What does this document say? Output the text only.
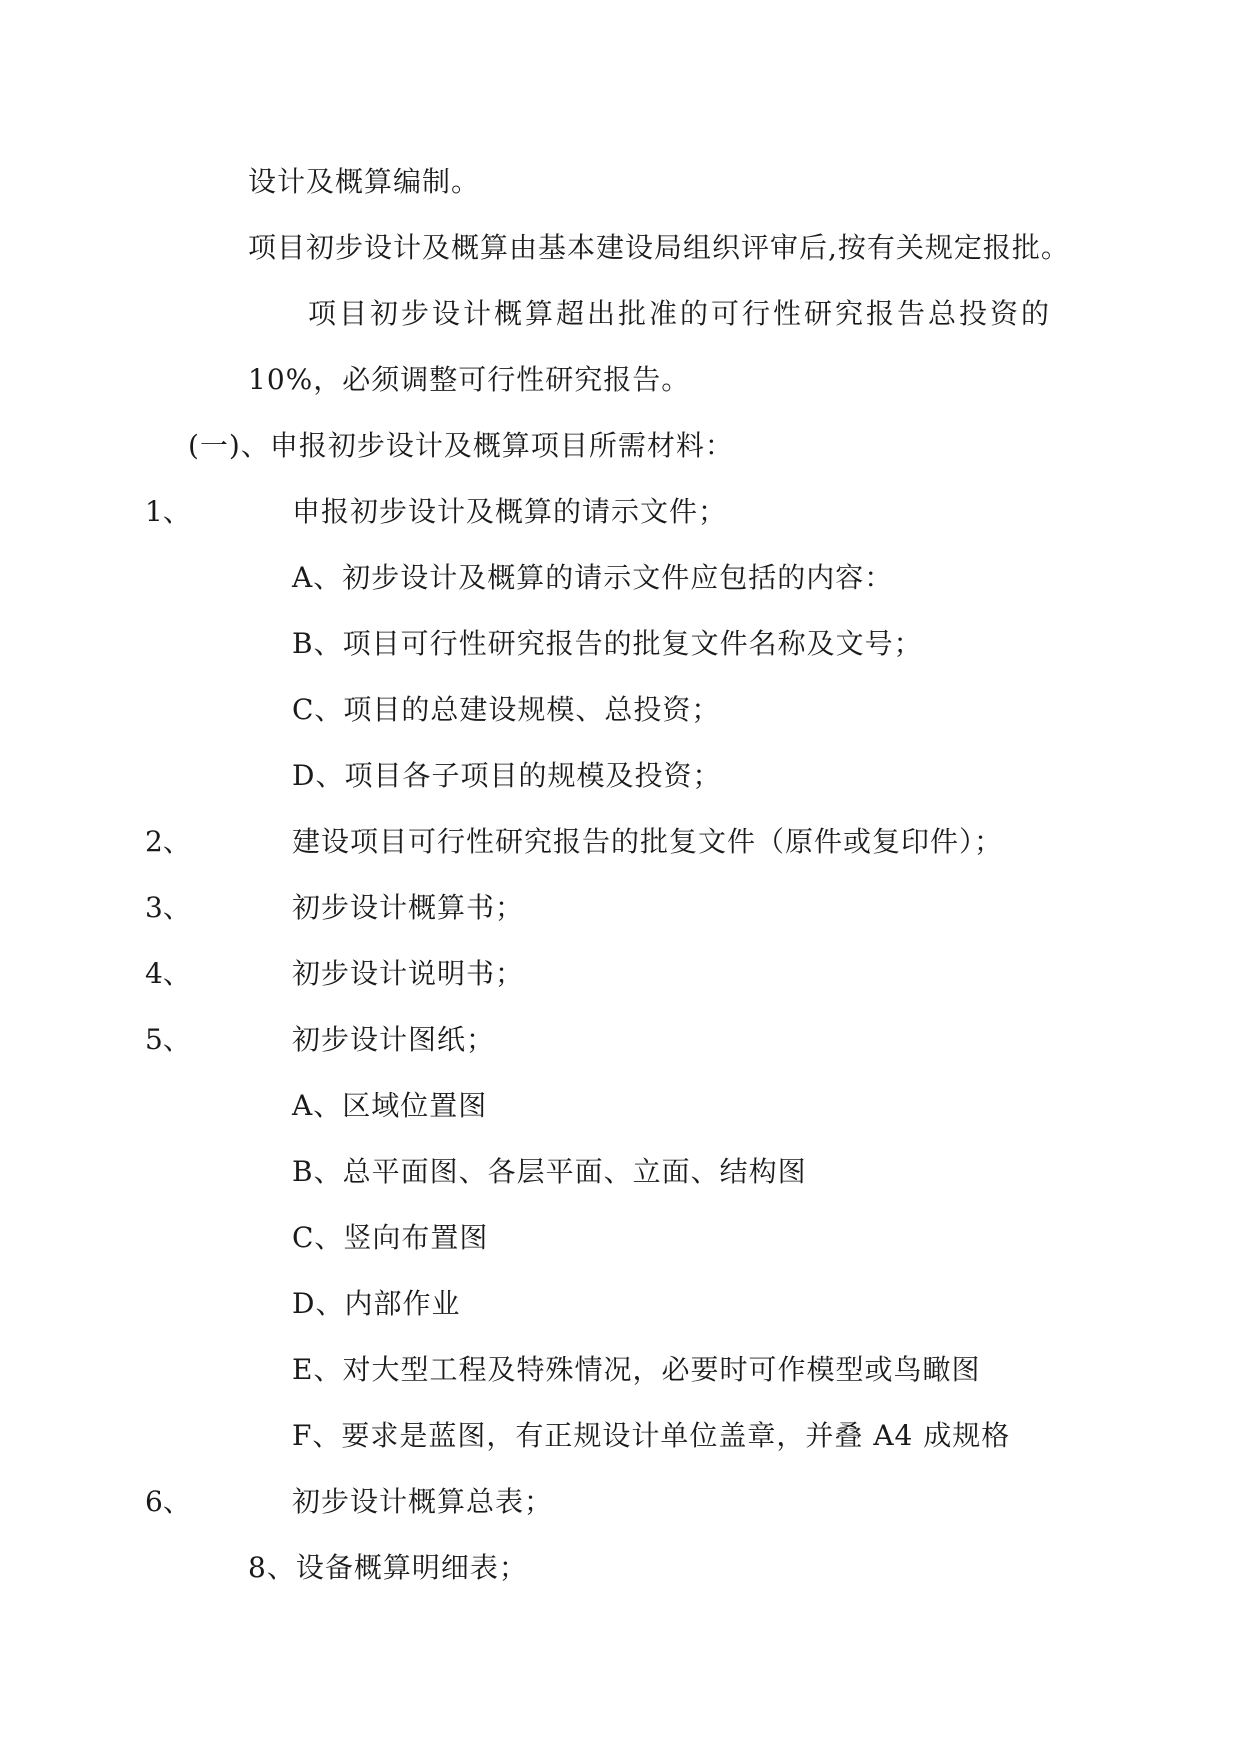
设计及概算编制。
项目初步设计及概算由基本建设局组织评审后,按有关规定报批。
项目初步设计概算超出批准的可行性研究报告总投资的
10%，必须调整可行性研究报告。
(一)、申报初步设计及概算项目所需材料：
1、	申报初步设计及概算的请示文件；
A、初步设计及概算的请示文件应包括的内容：
B、项目可行性研究报告的批复文件名称及文号；
C、项目的总建设规模、总投资；
D、项目各子项目的规模及投资；
2、	建设项目可行性研究报告的批复文件（原件或复印件）；
3、	初步设计概算书；
4、	初步设计说明书；
5、	初步设计图纸；
A、区域位置图
B、总平面图、各层平面、立面、结构图
C、竖向布置图
D、内部作业
E、对大型工程及特殊情况，必要时可作模型或鸟瞰图
F、要求是蓝图，有正规设计单位盖章，并叠 A4 成规格
6、	初步设计概算总表；
8、设备概算明细表；
